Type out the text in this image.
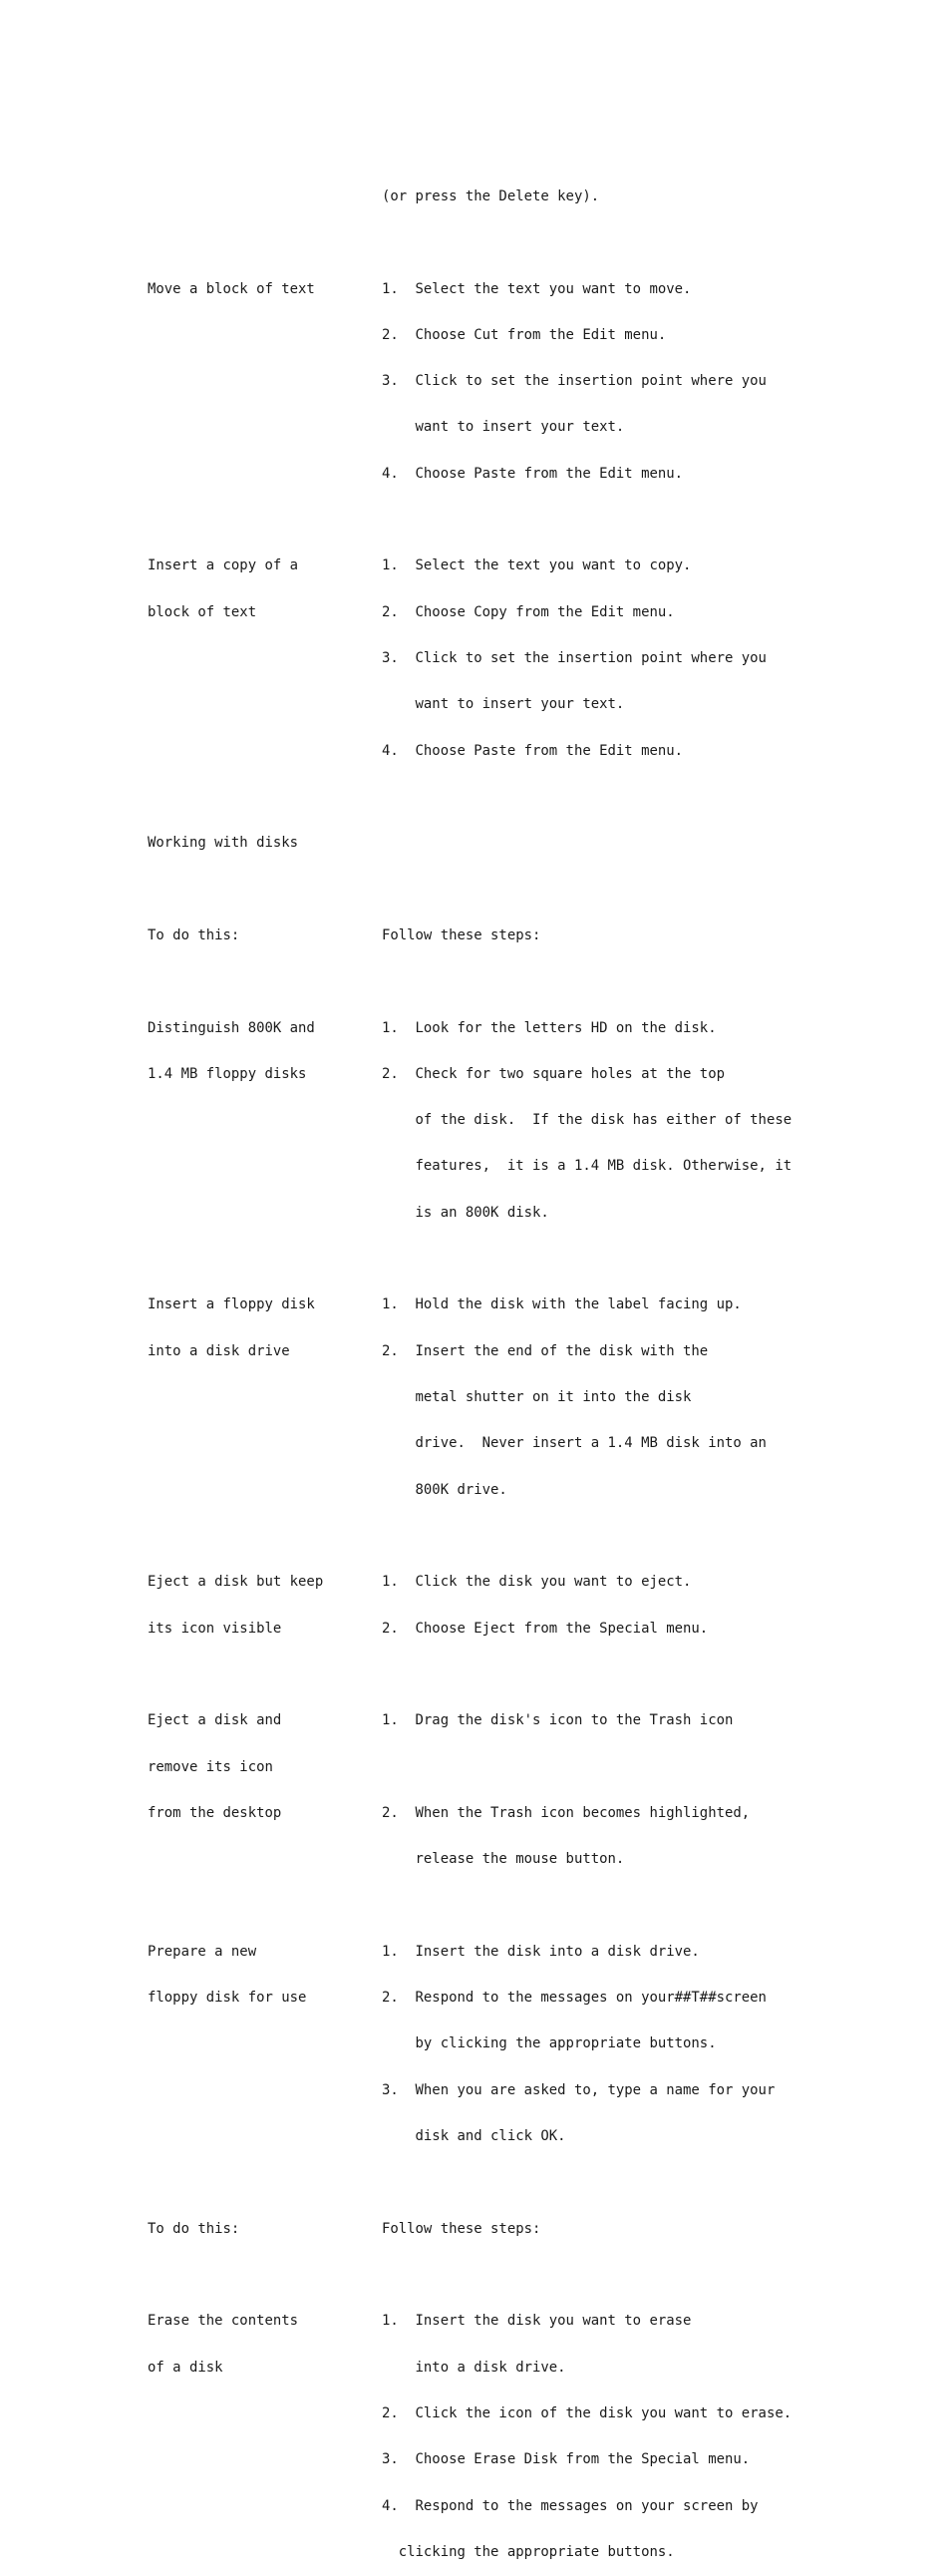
(or press the Delete key).

Move a block of text        1.  Select the text you want to move.

2.  Choose Cut from the Edit menu.

3.  Click to set the insertion point where you

want to insert your text.

4.  Choose Paste from the Edit menu.

Insert a copy of a          1.  Select the text you want to copy.

block of text               2.  Choose Copy from the Edit menu.

3.  Click to set the insertion point where you

want to insert your text.

4.  Choose Paste from the Edit menu.

Working with disks

To do this:                 Follow these steps:

Distinguish 800K and        1.  Look for the letters HD on the disk.

1.4 MB floppy disks         2.  Check for two square holes at the top

of the disk.  If the disk has either of these

features,  it is a 1.4 MB disk. Otherwise, it

is an 800K disk.

Insert a floppy disk        1.  Hold the disk with the label facing up.

into a disk drive           2.  Insert the end of the disk with the

metal shutter on it into the disk

drive.  Never insert a 1.4 MB disk into an

800K drive.

Eject a disk but keep       1.  Click the disk you want to eject.

its icon visible            2.  Choose Eject from the Special menu.

Eject a disk and            1.  Drag the disk's icon to the Trash icon

remove its icon

from the desktop            2.  When the Trash icon becomes highlighted,

release the mouse button.

Prepare a new               1.  Insert the disk into a disk drive.

floppy disk for use         2.  Respond to the messages on your##T##screen

by clicking the appropriate buttons.

3.  When you are asked to, type a name for your

disk and click OK.

To do this:                 Follow these steps:

Erase the contents          1.  Insert the disk you want to erase

of a disk                       into a disk drive.

2.  Click the icon of the disk you want to erase.

3.  Choose Erase Disk from the Special menu.

4.  Respond to the messages on your screen by

clicking the appropriate buttons.
